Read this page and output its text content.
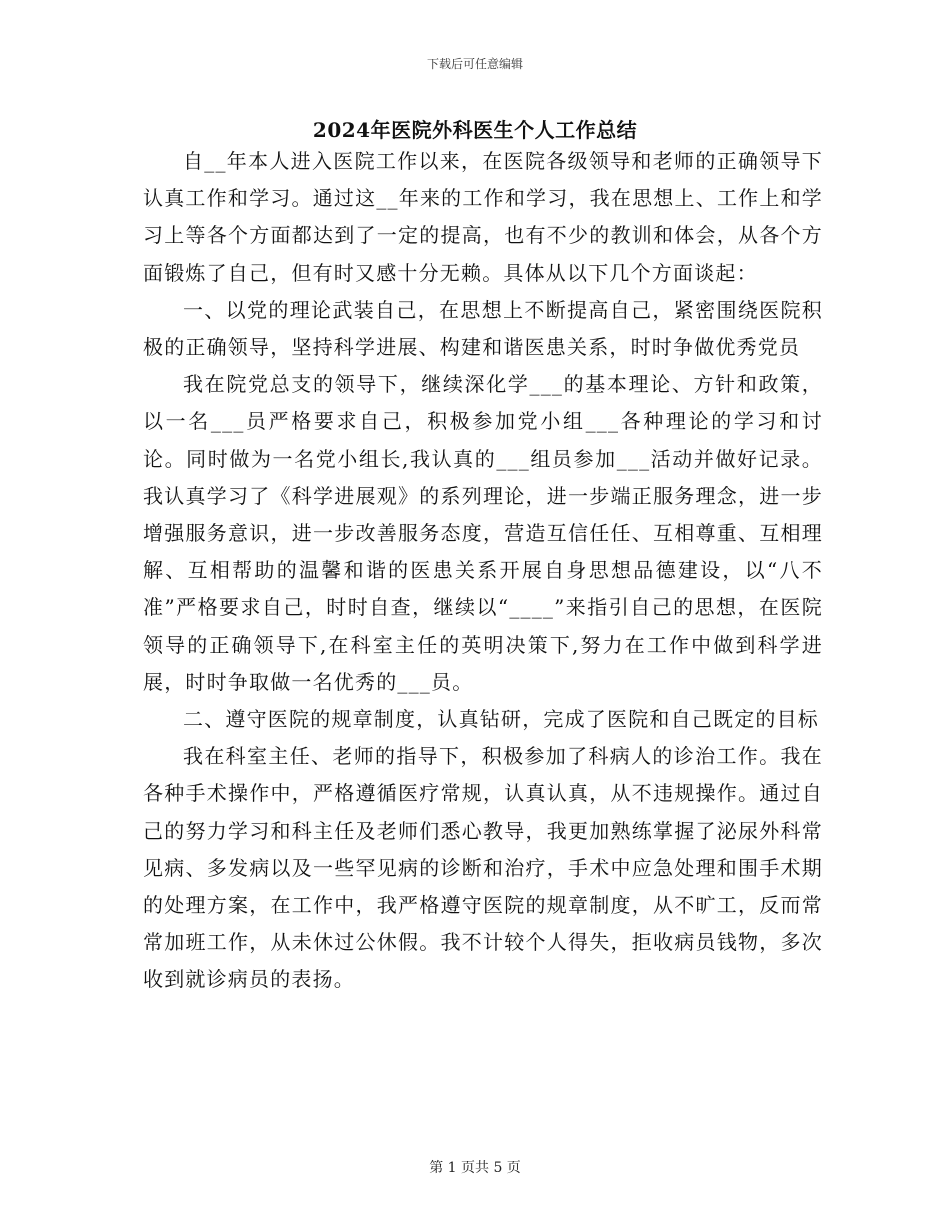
下载后可任意编辑
2024年医院外科医生个人工作总结

自__年本人进入医院工作以来，在医院各级领导和老师的正确领导下认真工作和学习。通过这__年来的工作和学习，我在思想上、工作上和学习上等各个方面都达到了一定的提高，也有不少的教训和体会，从各个方面锻炼了自己，但有时又感十分无赖。具体从以下几个方面谈起：

一、以党的理论武装自己，在思想上不断提高自己，紧密围绕医院积极的正确领导，坚持科学进展、构建和谐医患关系，时时争做优秀党员

我在院党总支的领导下，继续深化学___的基本理论、方针和政策，以一名___员严格要求自己，积极参加党小组___各种理论的学习和讨论。同时做为一名党小组长,我认真的___组员参加___活动并做好记录。我认真学习了《科学进展观》的系列理论，进一步端正服务理念，进一步增强服务意识，进一步改善服务态度，营造互信任任、互相尊重、互相理解、互相帮助的温馨和谐的医患关系开展自身思想品德建设，以“八不准”严格要求自己，时时自查，继续以“____”来指引自己的思想，在医院领导的正确领导下,在科室主任的英明决策下,努力在工作中做到科学进展，时时争取做一名优秀的___员。

二、遵守医院的规章制度，认真钻研，完成了医院和自己既定的目标

我在科室主任、老师的指导下，积极参加了科病人的诊治工作。我在各种手术操作中，严格遵循医疗常规，认真认真，从不违规操作。通过自己的努力学习和科主任及老师们悉心教导，我更加熟练掌握了泌尿外科常见病、多发病以及一些罕见病的诊断和治疗，手术中应急处理和围手术期的处理方案，在工作中，我严格遵守医院的规章制度，从不旷工，反而常常加班工作，从未休过公休假。我不计较个人得失，拒收病员钱物，多次收到就诊病员的表扬。

第 1 页共 5 页
